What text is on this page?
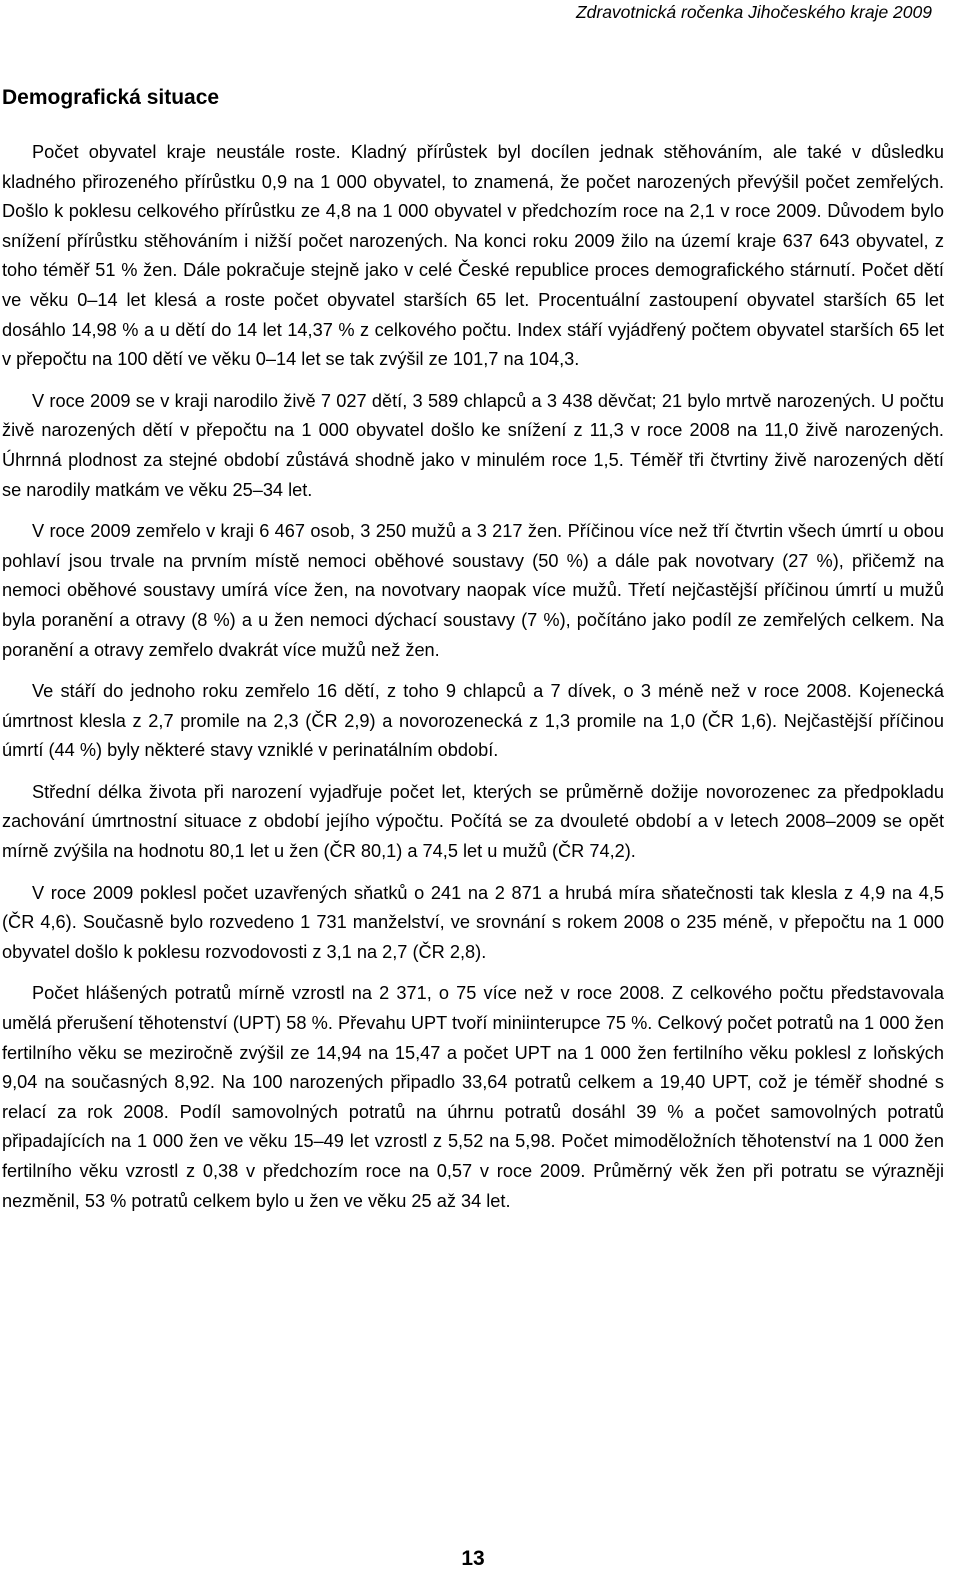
Zdravotnická ročenka Jihočeského kraje 2009
Demografická situace

Počet obyvatel kraje neustále roste. Kladný přírůstek byl docílen jednak stěhováním, ale také v důsledku kladného přirozeného přírůstku 0,9 na 1 000 obyvatel, to znamená, že počet narozených převýšil počet zemřelých. Došlo k poklesu celkového přírůstku ze 4,8 na 1 000 obyvatel v předchozím roce na 2,1 v roce 2009. Důvodem bylo snížení přírůstku stěhováním i nižší počet narozených. Na konci roku 2009 žilo na území kraje 637 643 obyvatel, z toho téměř 51 % žen. Dále pokračuje stejně jako v celé České republice proces demografického stárnutí. Počet dětí ve věku 0–14 let klesá a roste počet obyvatel starších 65 let. Procentuální zastoupení obyvatel starších 65 let dosáhlo 14,98 % a u dětí do 14 let 14,37 % z celkového počtu. Index stáří vyjádřený počtem obyvatel starších 65 let v přepočtu na 100 dětí ve věku 0–14 let se tak zvýšil ze 101,7 na 104,3.

V roce 2009 se v kraji narodilo živě 7 027 dětí, 3 589 chlapců a 3 438 děvčat; 21 bylo mrtvě narozených. U počtu živě narozených dětí v přepočtu na 1 000 obyvatel došlo ke snížení z 11,3 v roce 2008 na 11,0 živě narozených. Úhrnná plodnost za stejné období zůstává shodně jako v minulém roce 1,5. Téměř tři čtvrtiny živě narozených dětí se narodily matkám ve věku 25–34 let.

V roce 2009 zemřelo v kraji 6 467 osob, 3 250 mužů a 3 217 žen. Příčinou více než tří čtvrtin všech úmrtí u obou pohlaví jsou trvale na prvním místě nemoci oběhové soustavy (50 %) a dále pak novotvary (27 %), přičemž na nemoci oběhové soustavy umírá více žen, na novotvary naopak více mužů. Třetí nejčastější příčinou úmrtí u mužů byla poranění a otravy (8 %) a u žen nemoci dýchací soustavy (7 %), počítáno jako podíl ze zemřelých celkem. Na poranění a otravy zemřelo dvakrát více mužů než žen.

Ve stáří do jednoho roku zemřelo 16 dětí, z toho 9 chlapců a 7 dívek, o 3 méně než v roce 2008. Kojenecká úmrtnost klesla z 2,7 promile na 2,3 (ČR 2,9) a novorozenecká z 1,3 promile na 1,0 (ČR 1,6). Nejčastější příčinou úmrtí (44 %) byly některé stavy vzniklé v perinatálním období.

Střední délka života při narození vyjadřuje počet let, kterých se průměrně dožije novorozenec za předpokladu zachování úmrtnostní situace z období jejího výpočtu. Počítá se za dvouleté období a v letech 2008–2009 se opět mírně zvýšila na hodnotu 80,1 let u žen (ČR 80,1) a 74,5 let u mužů (ČR 74,2).

V roce 2009 poklesl počet uzavřených sňatků o 241 na 2 871 a hrubá míra sňatečnosti tak klesla z 4,9 na 4,5 (ČR 4,6). Současně bylo rozvedeno 1 731 manželství, ve srovnání s rokem 2008 o 235 méně, v přepočtu na 1 000 obyvatel došlo k poklesu rozvodovosti z 3,1 na 2,7 (ČR 2,8).

Počet hlášených potratů mírně vzrostl na 2 371, o 75 více než v roce 2008. Z celkového počtu představovala umělá přerušení těhotenství (UPT) 58 %. Převahu UPT tvoří miniinterupce 75 %. Celkový počet potratů na 1 000 žen fertilního věku se meziročně zvýšil ze 14,94 na 15,47 a počet UPT na 1 000 žen fertilního věku poklesl z loňských 9,04 na současných 8,92. Na 100 narozených připadlo 33,64 potratů celkem a 19,40 UPT, což je téměř shodné s relací za rok 2008. Podíl samovolných potratů na úhrnu potratů dosáhl 39 % a počet samovolných potratů připadajících na 1 000 žen ve věku 15–49 let vzrostl z 5,52 na 5,98. Počet mimoděložních těhotenství na 1 000 žen fertilního věku vzrostl z 0,38 v předchozím roce na 0,57 v roce 2009. Průměrný věk žen při potratu se výrazněji nezměnil, 53 % potratů celkem bylo u žen ve věku 25 až 34 let.

13
